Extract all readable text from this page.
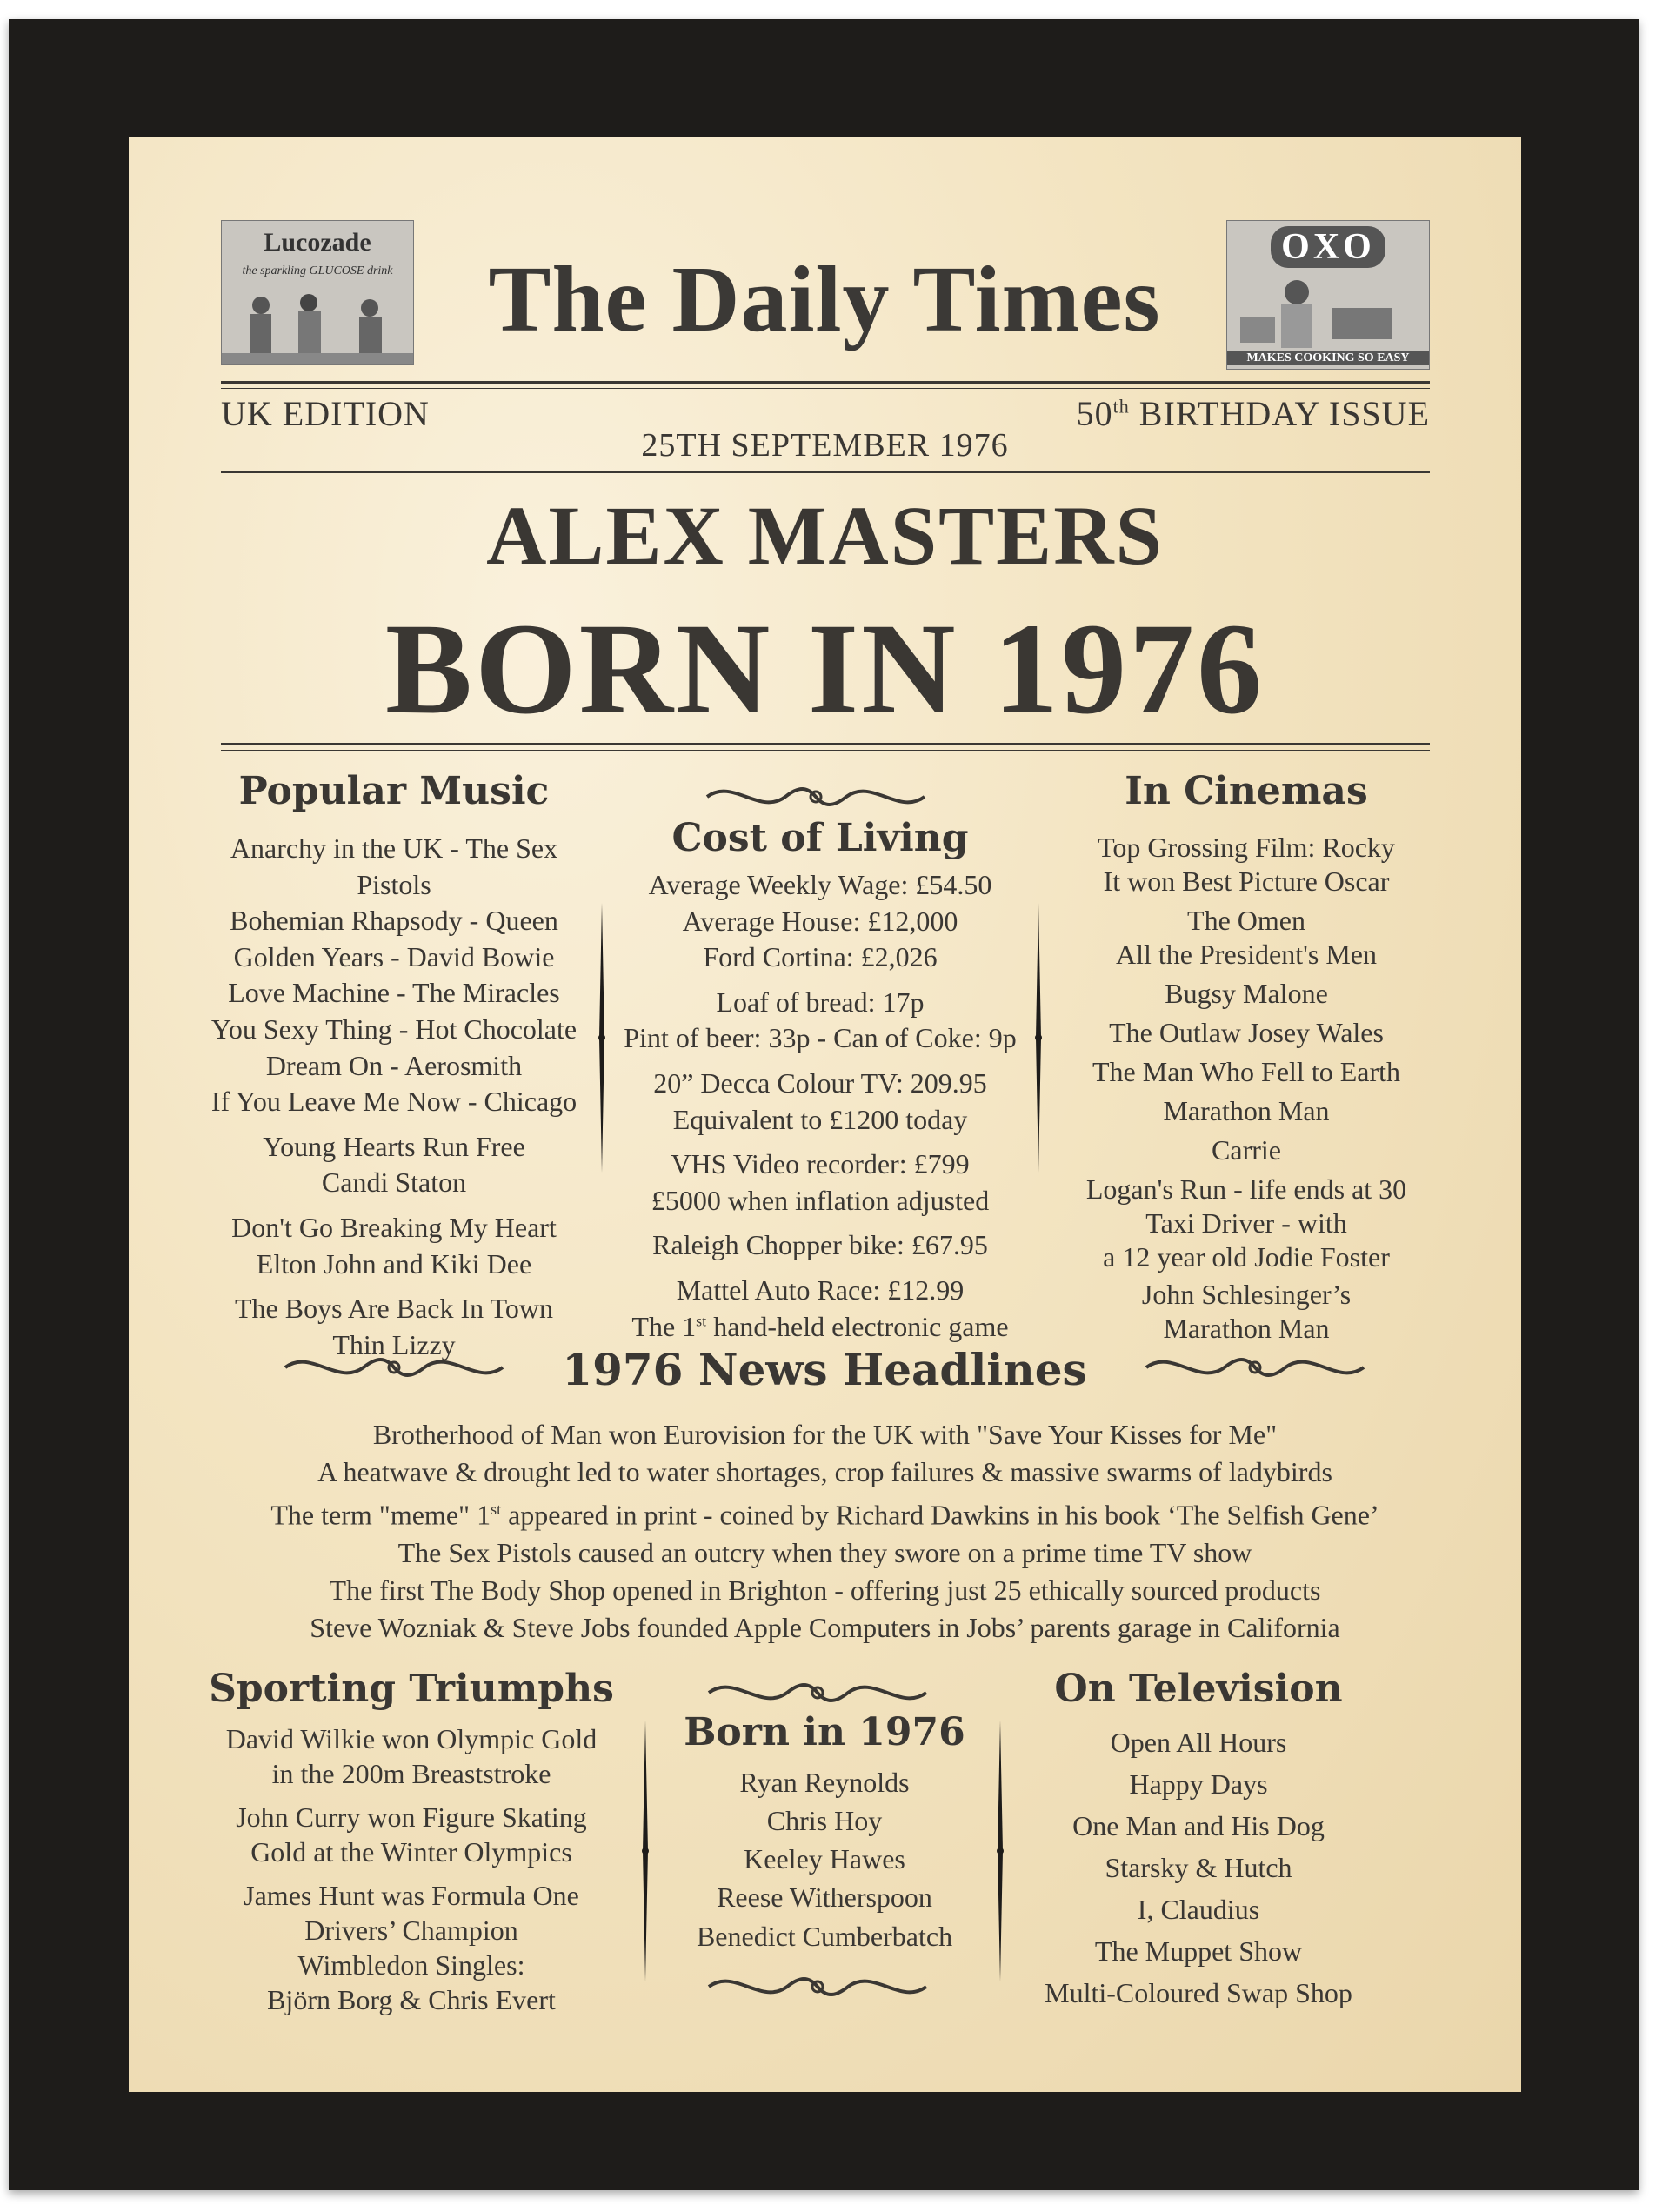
Lucozade
the sparkling GLUCOSE drink	The Daily Times
OXO
MAKES COOKING SO EASY
UK EDITION	50th BIRTHDAY ISSUE
25TH SEPTEMBER 1976
ALEX MASTERS
BORN IN 1976
Popular Music
Anarchy in the UK - The Sex Pistols
Bohemian Rhapsody - Queen
Golden Years - David Bowie
Love Machine - The Miracles
You Sexy Thing - Hot Chocolate
Dream On - Aerosmith
If You Leave Me Now - Chicago
Young Hearts Run Free
Candi Staton
Don't Go Breaking My Heart
Elton John and Kiki Dee
The Boys Are Back In Town
Thin Lizzy
Cost of Living
Average Weekly Wage: £54.50
Average House: £12,000
Ford Cortina: £2,026
Loaf of bread: 17p
Pint of beer: 33p - Can of Coke: 9p
20” Decca Colour TV: 209.95
Equivalent to £1200 today
VHS Video recorder: £799
£5000 when inflation adjusted
Raleigh Chopper bike: £67.95
Mattel Auto Race: £12.99
The 1st hand-held electronic game
In Cinemas
Top Grossing Film: Rocky
It won Best Picture Oscar
The Omen
All the President's Men
Bugsy Malone
The Outlaw Josey Wales
The Man Who Fell to Earth
Marathon Man
Carrie
Logan's Run - life ends at 30
Taxi Driver - with
a 12 year old Jodie Foster
John Schlesinger’s
Marathon Man
1976 News Headlines
Brotherhood of Man won Eurovision for the UK with "Save Your Kisses for Me"
A heatwave & drought led to water shortages, crop failures & massive swarms of ladybirds
The term "meme" 1st appeared in print - coined by Richard Dawkins in his book ‘The Selfish Gene’
The Sex Pistols caused an outcry when they swore on a prime time TV show
The first The Body Shop opened in Brighton - offering just 25 ethically sourced products
Steve Wozniak & Steve Jobs founded Apple Computers in Jobs’ parents garage in California
Sporting Triumphs
David Wilkie won Olympic Gold
in the 200m Breaststroke
John Curry won Figure Skating
Gold at the Winter Olympics
James Hunt was Formula One
Drivers’ Champion
Wimbledon Singles:
Björn Borg & Chris Evert
Born in 1976
Ryan Reynolds
Chris Hoy
Keeley Hawes
Reese Witherspoon
Benedict Cumberbatch
On Television
Open All Hours
Happy Days
One Man and His Dog
Starsky & Hutch
I, Claudius
The Muppet Show
Multi-Coloured Swap Shop
